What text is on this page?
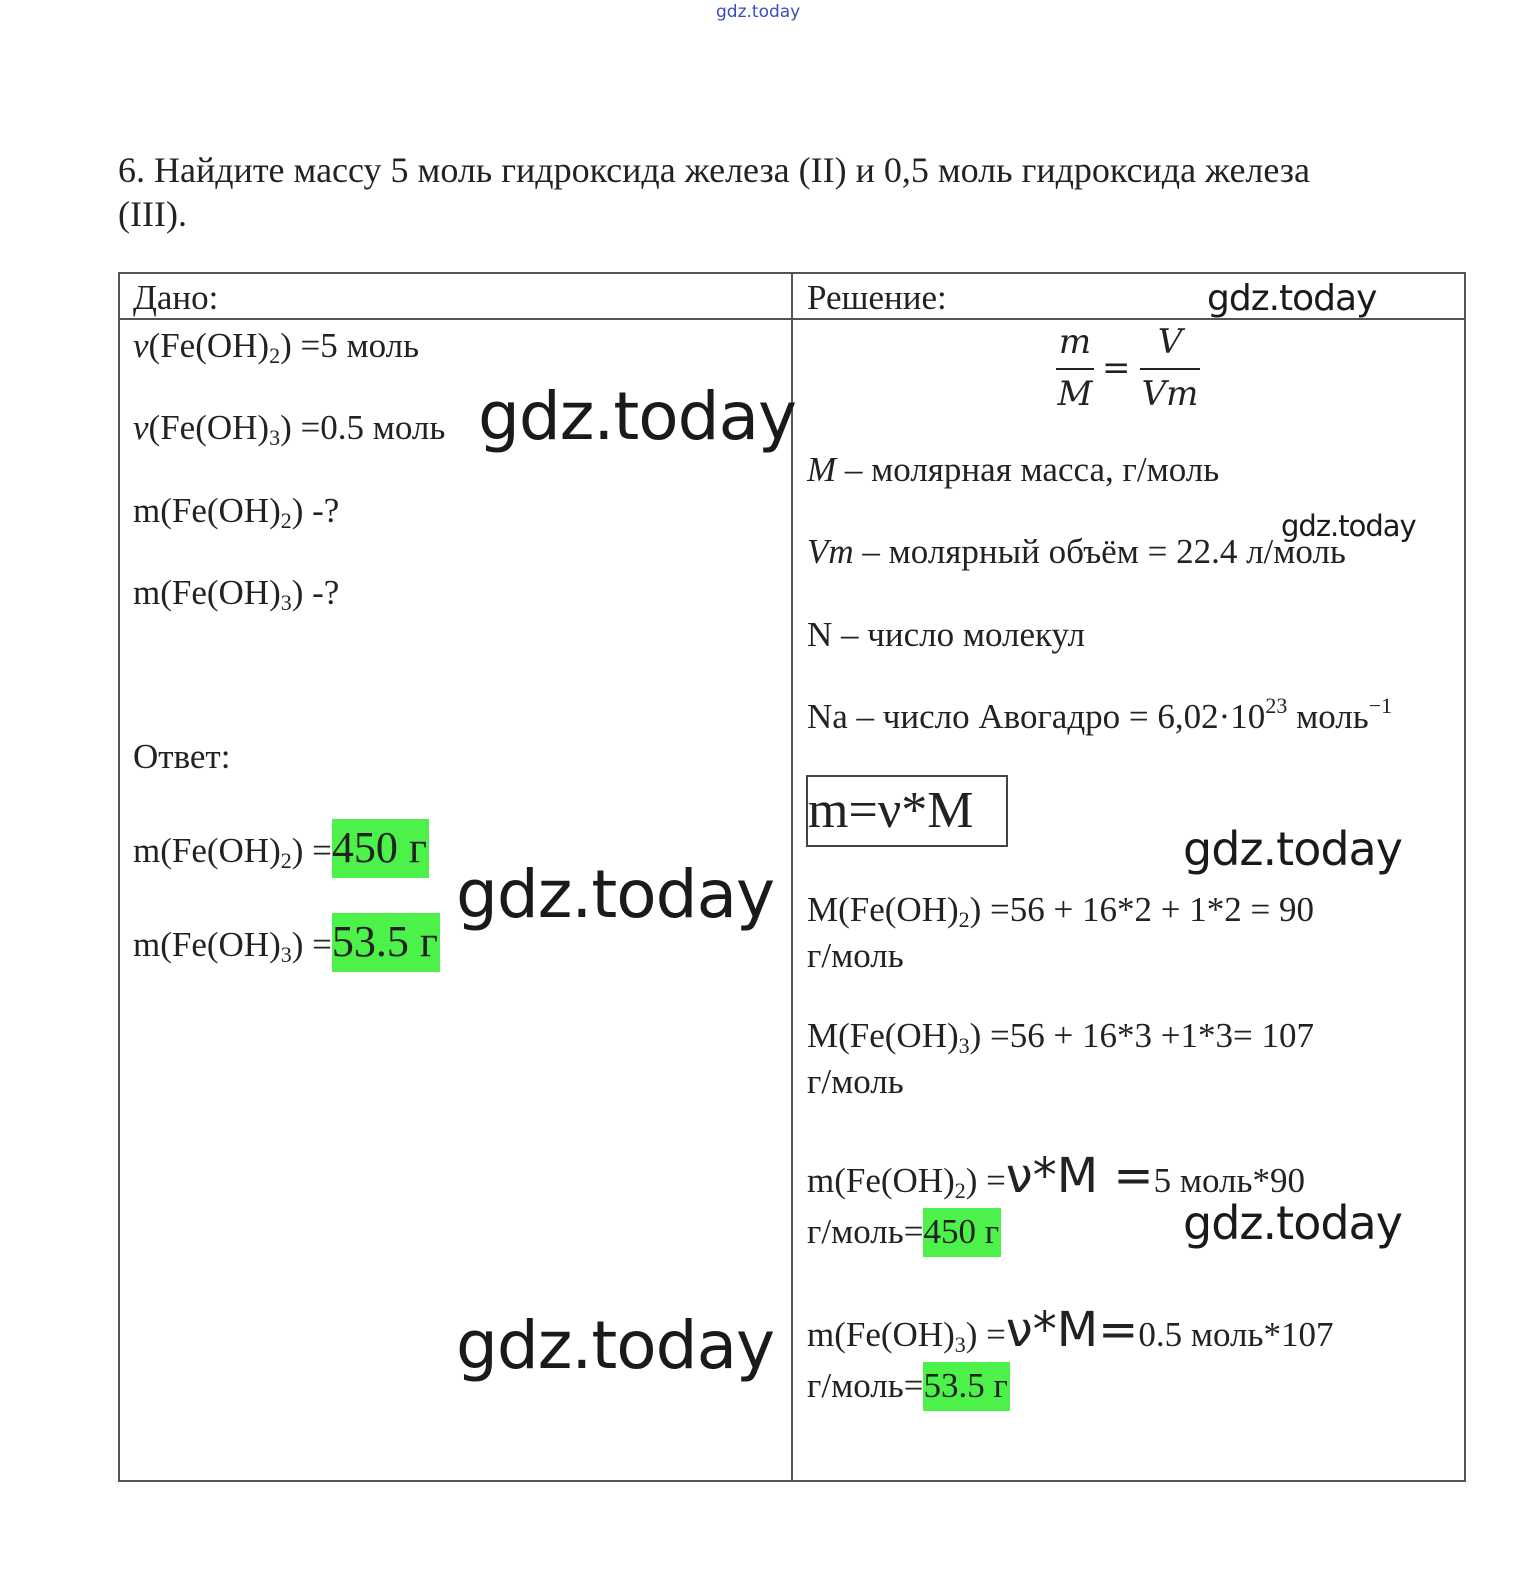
gdz.today
6. Найдите массу 5 моль гидроксида железа (II) и 0,5 моль гидроксида железа
(III).
Дано:	Решение:
$\nu(Fe(OH)_2) =5$ моль
$\nu(Fe(OH)_3) =0.5$ моль
$m(Fe(OH)_2)$ -?
$m(Fe(OH)_3)$ -?
Ответ:
$m(Fe(OH)_2) =450$ г
$m(Fe(OH)_3) =53.5$ г
m
M
=
V
Vm
M – молярная масса, г/моль
Vm – молярный объём = 22.4 л/моль
N – число молекул
Na – число Авогадро = $6,02\cdot 10^{23}$ моль$^{-1}$
m=ν*M
$M(Fe(OH)_2) =56 + 16*2 + 1*2 = 90$
г/моль
$M(Fe(OH)_3) =56 + 16*3 +1*3= 107$
г/моль
$m(Fe(OH)_2) =\nu*M =5$ моль*90
г/моль=450 г
$m(Fe(OH)_3) =\nu*M=0.5$ моль*107
г/моль=53.5 г
gdz.today
gdz.today
gdz.today
gdz.today
gdz.today
gdz.today
gdz.today
